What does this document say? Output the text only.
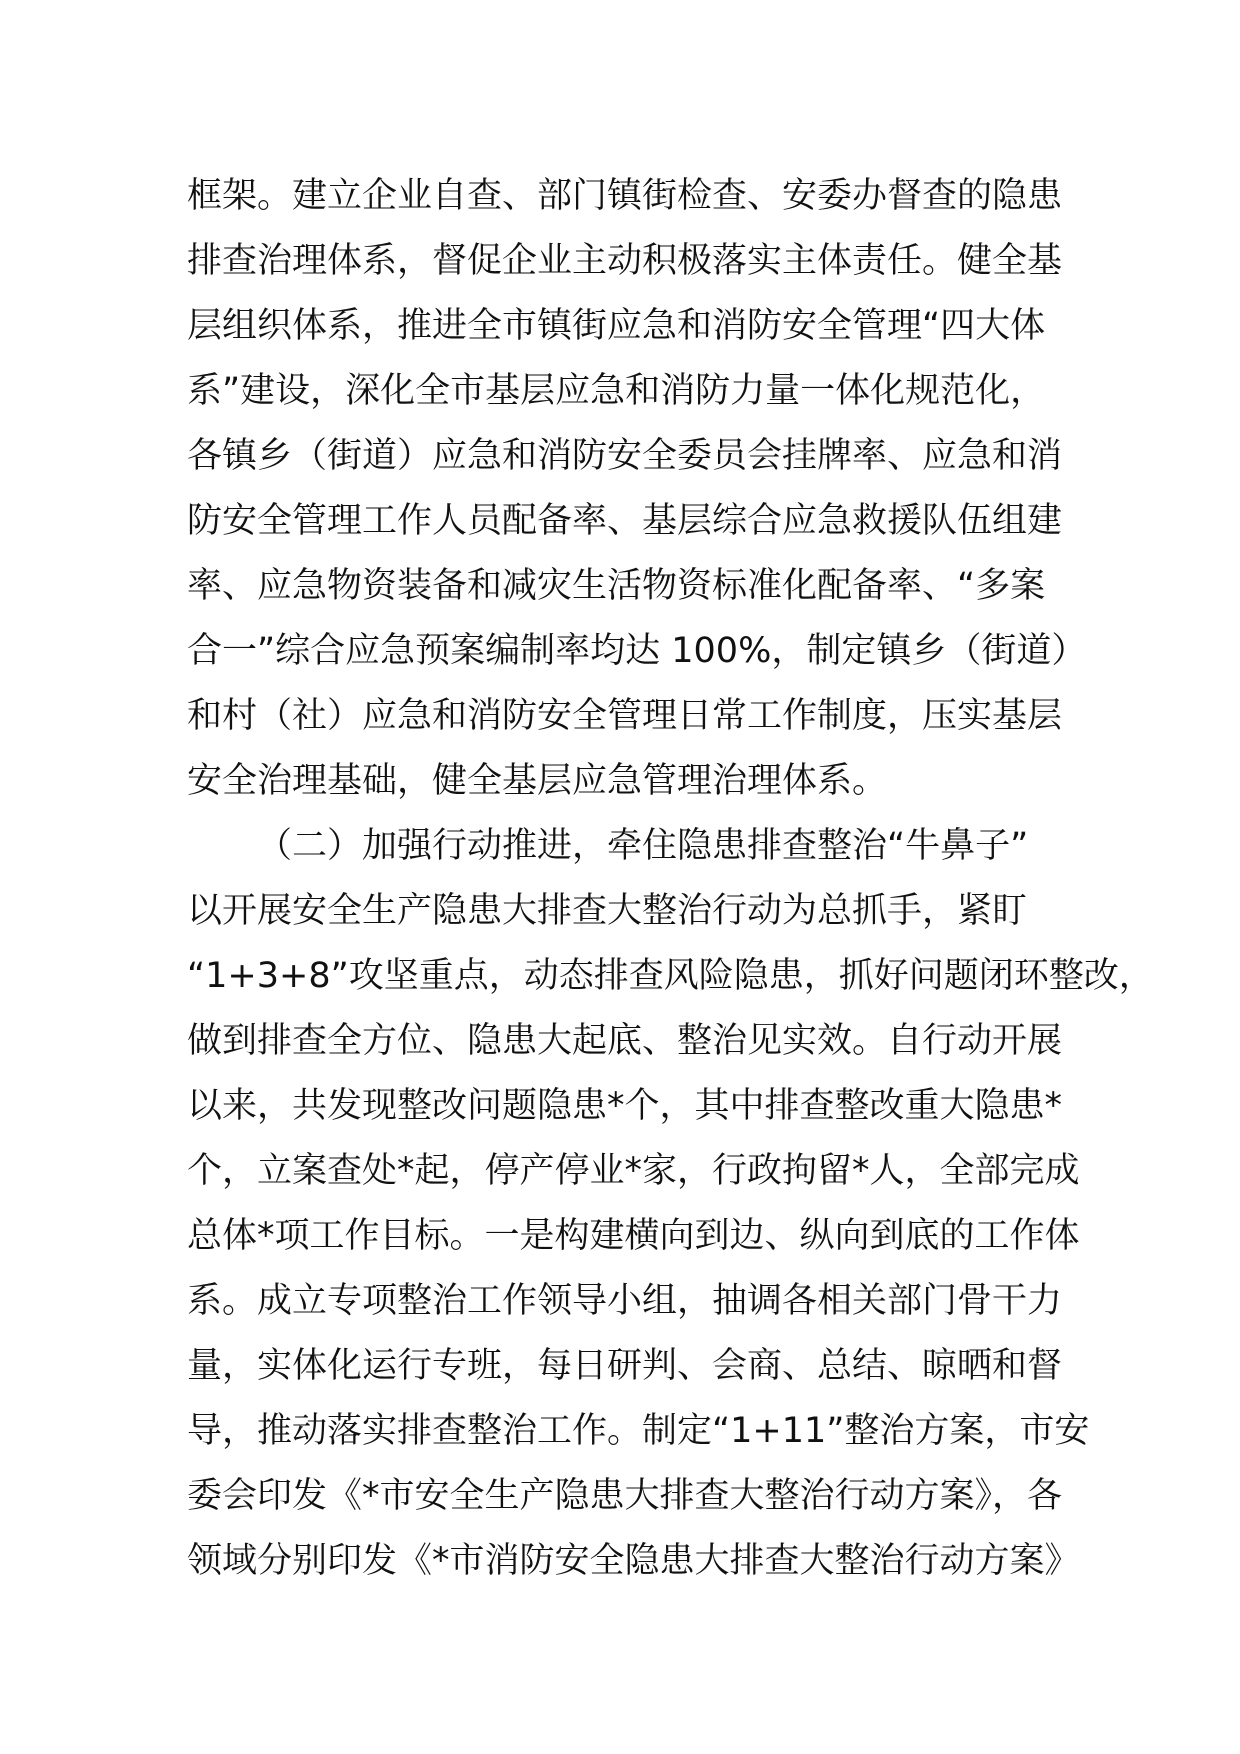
框架。建立企业自查、部门镇街检查、安委办督查的隐患
排查治理体系，督促企业主动积极落实主体责任。健全基
层组织体系，推进全市镇街应急和消防安全管理“四大体
系”建设，深化全市基层应急和消防力量一体化规范化，
各镇乡（街道）应急和消防安全委员会挂牌率、应急和消
防安全管理工作人员配备率、基层综合应急救援队伍组建
率、应急物资装备和减灾生活物资标准化配备率、“多案
合一”综合应急预案编制率均达 100%，制定镇乡（街道）
和村（社）应急和消防安全管理日常工作制度，压实基层
安全治理基础，健全基层应急管理治理体系。
（二）加强行动推进，牵住隐患排查整治“牛鼻子”
以开展安全生产隐患大排查大整治行动为总抓手，紧盯
“1+3+8”攻坚重点，动态排查风险隐患，抓好问题闭环整改，
做到排查全方位、隐患大起底、整治见实效。自行动开展
以来，共发现整改问题隐患*个，其中排查整改重大隐患*
个，立案查处*起，停产停业*家，行政拘留*人，全部完成
总体*项工作目标。一是构建横向到边、纵向到底的工作体
系。成立专项整治工作领导小组，抽调各相关部门骨干力
量，实体化运行专班，每日研判、会商、总结、晾晒和督
导，推动落实排查整治工作。制定“1+11”整治方案，市安
委会印发《*市安全生产隐患大排查大整治行动方案》，各
领域分别印发《*市消防安全隐患大排查大整治行动方案》
